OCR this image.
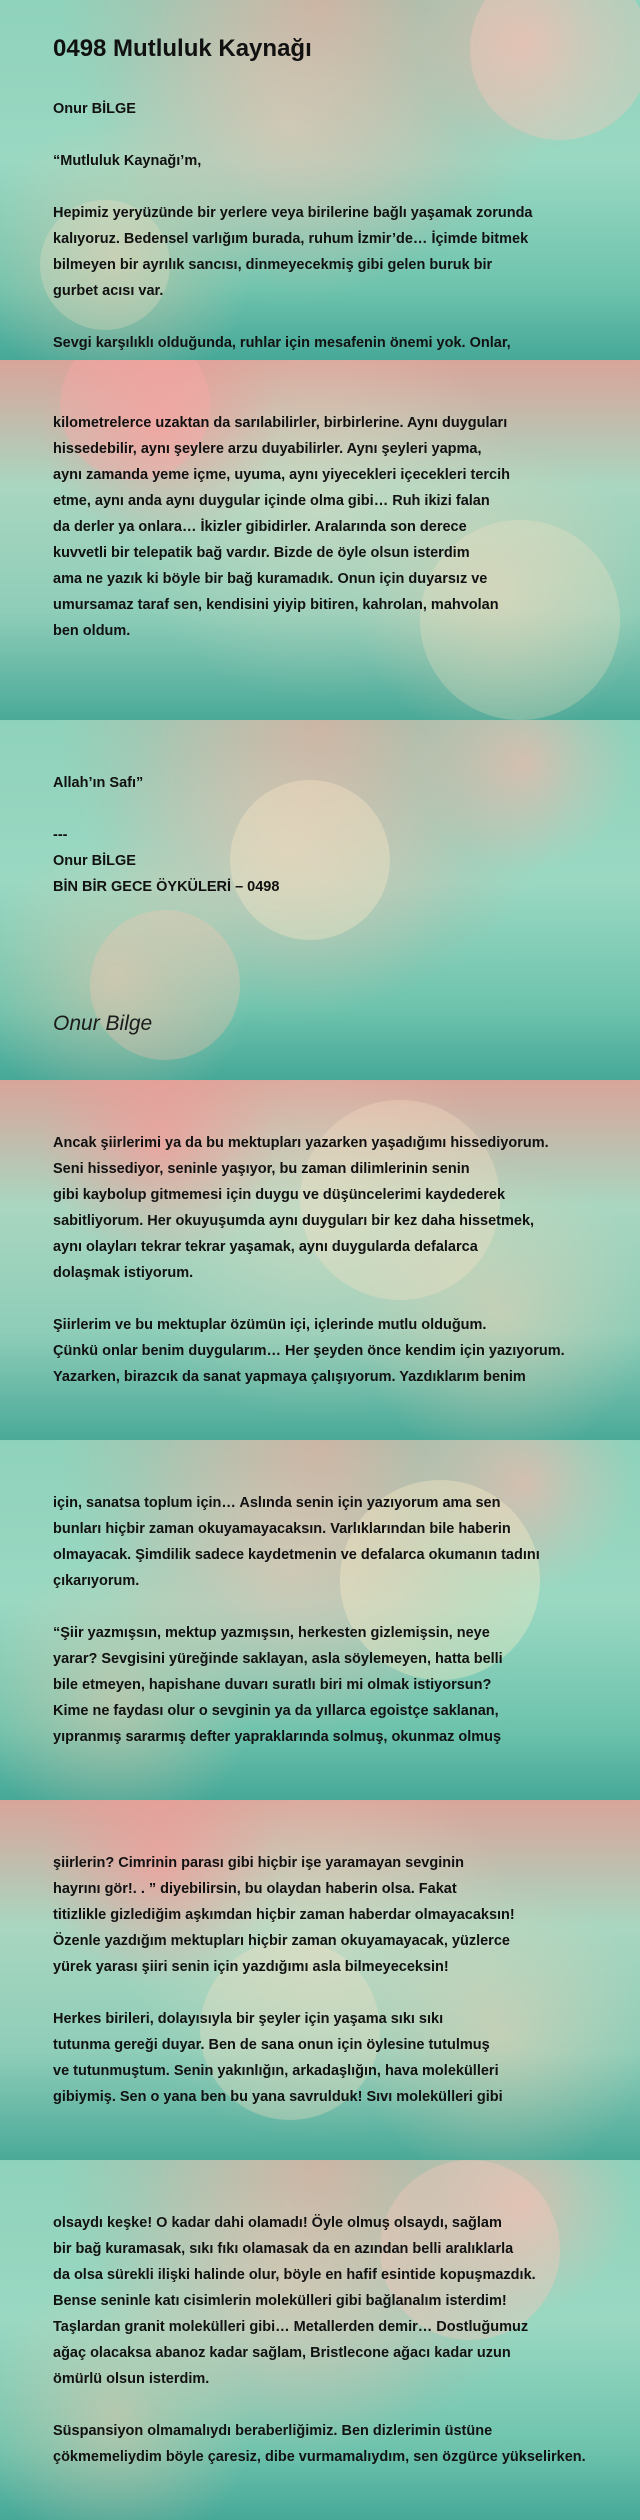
0498 Mutluluk Kaynağı

Onur BİLGE

“Mutluluk Kaynağı’m,

Hepimiz yeryüzünde bir yerlere veya birilerine bağlı yaşamak zorunda
kalıyoruz. Bedensel varlığım burada, ruhum İzmir’de… İçimde bitmek
bilmeyen bir ayrılık sancısı, dinmeyecekmiş gibi gelen buruk bir
gurbet acısı var.

Sevgi karşılıklı olduğunda, ruhlar için mesafenin önemi yok. Onlar,

kilometrelerce uzaktan da sarılabilirler, birbirlerine. Aynı duyguları
hissedebilir, aynı şeylere arzu duyabilirler. Aynı şeyleri yapma,
aynı zamanda yeme içme, uyuma, aynı yiyecekleri içecekleri tercih
etme, aynı anda aynı duygular içinde olma gibi… Ruh ikizi falan
da derler ya onlara… İkizler gibidirler. Aralarında son derece
kuvvetli bir telepatik bağ vardır. Bizde de öyle olsun isterdim
ama ne yazık ki böyle bir bağ kuramadık. Onun için duyarsız ve
umursamaz taraf sen, kendisini yiyip bitiren, kahrolan, mahvolan
ben oldum.
Allah’ın Safı”

---
Onur BİLGE
BİN BİR GECE ÖYKÜLERİ – 0498
Onur Bilge
Ancak şiirlerimi ya da bu mektupları yazarken yaşadığımı hissediyorum.
Seni hissediyor, seninle yaşıyor, bu zaman dilimlerinin senin
gibi kaybolup gitmemesi için duygu ve düşüncelerimi kaydederek
sabitliyorum. Her okuyuşumda aynı duyguları bir kez daha hissetmek,
aynı olayları tekrar tekrar yaşamak, aynı duygularda defalarca
dolaşmak istiyorum.

Şiirlerim ve bu mektuplar özümün içi, içlerinde mutlu olduğum.
Çünkü onlar benim duygularım… Her şeyden önce kendim için yazıyorum.
Yazarken, birazcık da sanat yapmaya çalışıyorum. Yazdıklarım benim
için, sanatsa toplum için… Aslında senin için yazıyorum ama sen
bunları hiçbir zaman okuyamayacaksın. Varlıklarından bile haberin
olmayacak. Şimdilik sadece kaydetmenin ve defalarca okumanın tadını
çıkarıyorum.

“Şiir yazmışsın, mektup yazmışsın, herkesten gizlemişsin, neye
yarar? Sevgisini yüreğinde saklayan, asla söylemeyen, hatta belli
bile etmeyen, hapishane duvarı suratlı biri mi olmak istiyorsun?
Kime ne faydası olur o sevginin ya da yıllarca egoistçe saklanan,
yıpranmış sararmış defter yapraklarında solmuş, okunmaz olmuş
şiirlerin? Cimrinin parası gibi hiçbir işe yaramayan sevginin
hayrını gör!. . ” diyebilirsin, bu olaydan haberin olsa. Fakat
titizlikle gizlediğim aşkımdan hiçbir zaman haberdar olmayacaksın!
Özenle yazdığım mektupları hiçbir zaman okuyamayacak, yüzlerce
yürek yarası şiiri senin için yazdığımı asla bilmeyeceksin!

Herkes birileri, dolayısıyla bir şeyler için yaşama sıkı sıkı
tutunma gereği duyar. Ben de sana onun için öylesine tutulmuş
ve tutunmuştum. Senin yakınlığın, arkadaşlığın, hava molekülleri
gibiymiş. Sen o yana ben bu yana savrulduk! Sıvı molekülleri gibi
olsaydı keşke! O kadar dahi olamadı! Öyle olmuş olsaydı, sağlam
bir bağ kuramasak, sıkı fıkı olamasak da en azından belli aralıklarla
da olsa sürekli ilişki halinde olur, böyle en hafif esintide kopuşmazdık.
Bense seninle katı cisimlerin molekülleri gibi bağlanalım isterdim!
Taşlardan granit molekülleri gibi… Metallerden demir… Dostluğumuz
ağaç olacaksa abanoz kadar sağlam, Bristlecone ağacı kadar uzun
ömürlü olsun isterdim.

Süspansiyon olmamalıydı beraberliğimiz. Ben dizlerimin üstüne
çökmemeliydim böyle çaresiz, dibe vurmamalıydım, sen özgürce yükselirken.
